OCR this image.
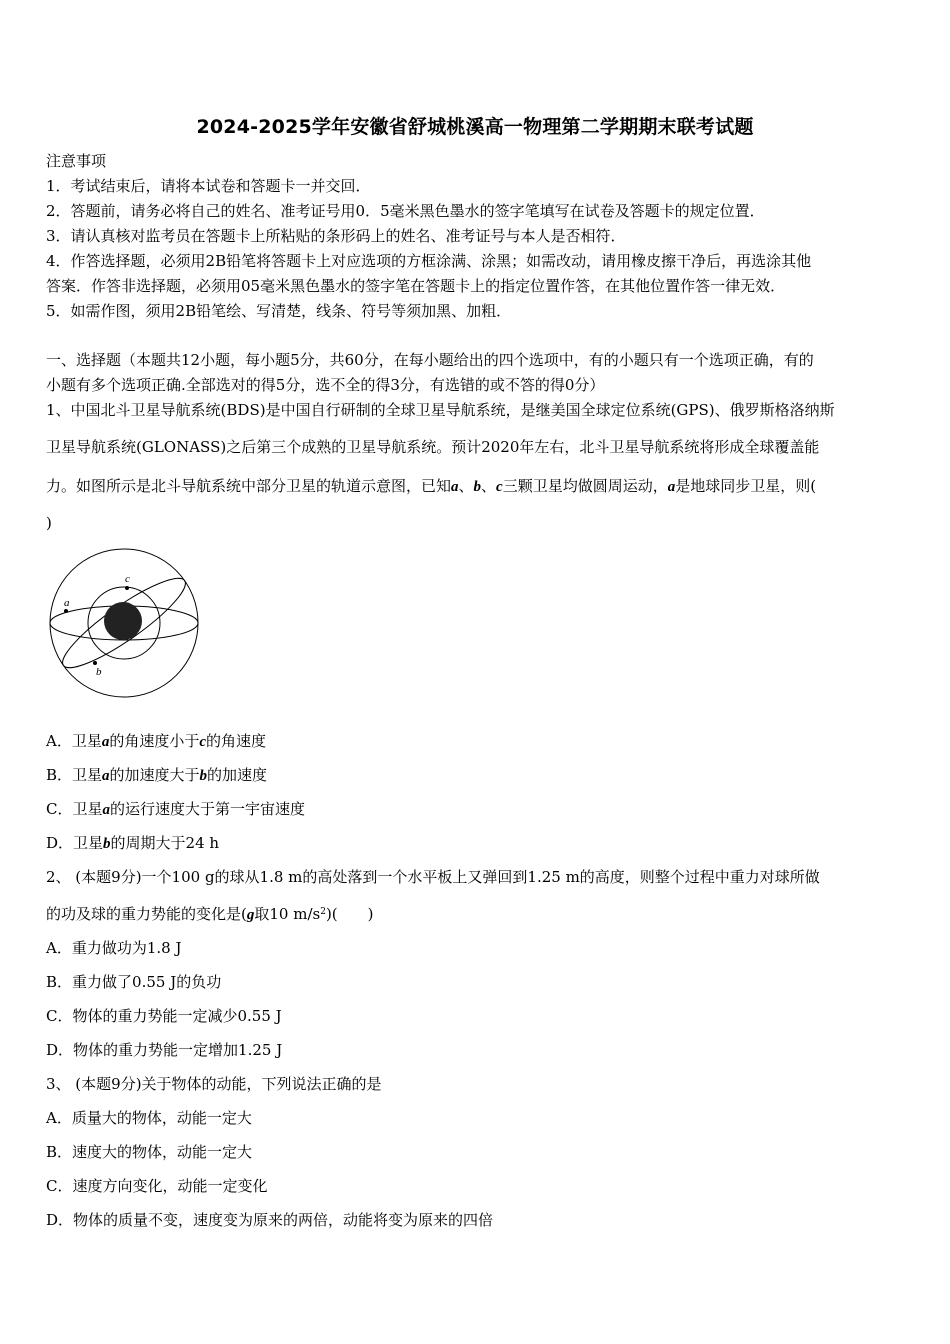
2024-2025学年安徽省舒城桃溪高一物理第二学期期末联考试题
注意事项
1．考试结束后，请将本试卷和答题卡一并交回．
2．答题前，请务必将自己的姓名、准考证号用0．5毫米黑色墨水的签字笔填写在试卷及答题卡的规定位置．
3．请认真核对监考员在答题卡上所粘贴的条形码上的姓名、准考证号与本人是否相符．
4．作答选择题，必须用2B铅笔将答题卡上对应选项的方框涂满、涂黑；如需改动，请用橡皮擦干净后，再选涂其他
答案．作答非选择题，必须用05毫米黑色墨水的签字笔在答题卡上的指定位置作答，在其他位置作答一律无效．
5．如需作图，须用2B铅笔绘、写清楚，线条、符号等须加黑、加粗．
一、选择题（本题共12小题，每小题5分，共60分，在每小题给出的四个选项中，有的小题只有一个选项正确，有的
小题有多个选项正确.全部选对的得5分，选不全的得3分，有选错的或不答的得0分）
1、中国北斗卫星导航系统(BDS)是中国自行研制的全球卫星导航系统，是继美国全球定位系统(GPS)、俄罗斯格洛纳斯
卫星导航系统(GLONASS)之后第三个成熟的卫星导航系统。预计2020年左右，北斗卫星导航系统将形成全球覆盖能
力。如图所示是北斗导航系统中部分卫星的轨道示意图，已知a、b、c三颗卫星均做圆周运动，a是地球同步卫星，则(
)
a
c
b
A．卫星a的角速度小于c的角速度
B．卫星a的加速度大于b的加速度
C．卫星a的运行速度大于第一宇宙速度
D．卫星b的周期大于24 h
2、 (本题9分)一个100 g的球从1.8 m的高处落到一个水平板上又弹回到1.25 m的高度，则整个过程中重力对球所做
的功及球的重力势能的变化是(g取10 $m/s^2$)(　　)
A．重力做功为1.8 J
B．重力做了0.55 J的负功
C．物体的重力势能一定减少0.55 J
D．物体的重力势能一定增加1.25 J
3、 (本题9分)关于物体的动能，下列说法正确的是
A．质量大的物体，动能一定大
B．速度大的物体，动能一定大
C．速度方向变化，动能一定变化
D．物体的质量不变，速度变为原来的两倍，动能将变为原来的四倍
